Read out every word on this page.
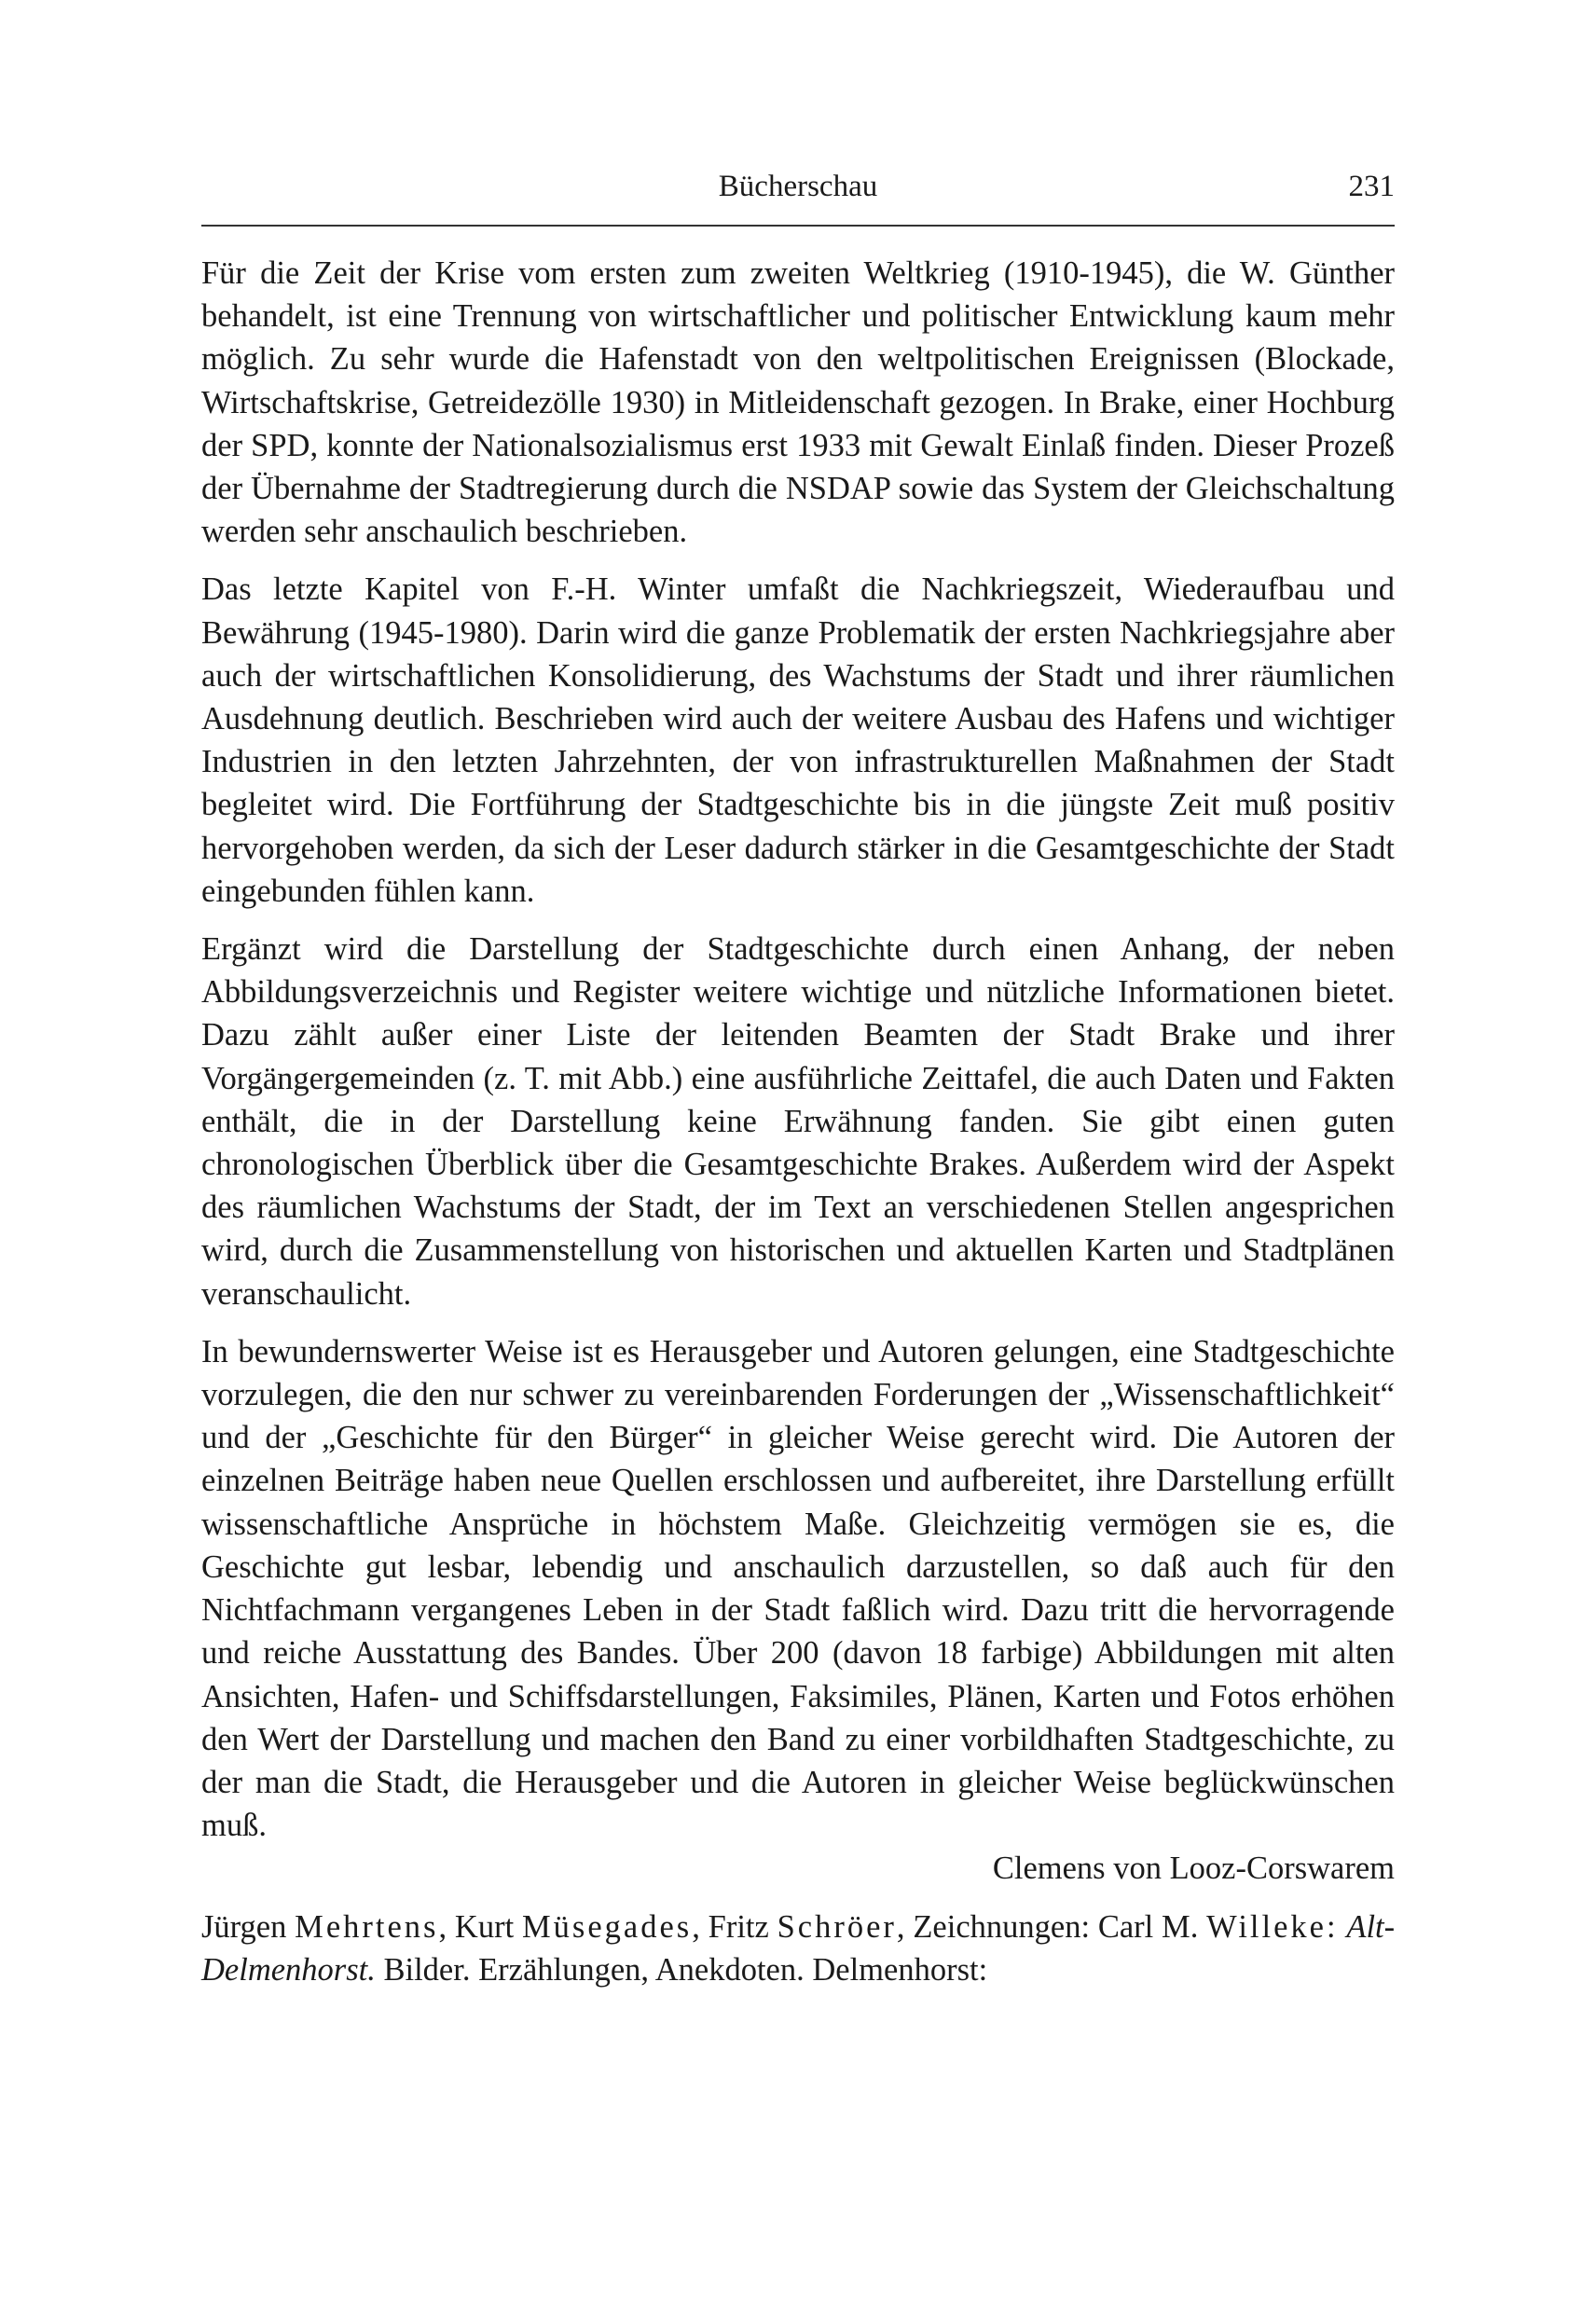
Bücherschau	231

Für die Zeit der Krise vom ersten zum zweiten Weltkrieg (1910-1945), die W. Günther behandelt, ist eine Trennung von wirtschaftlicher und politischer Entwicklung kaum mehr möglich. Zu sehr wurde die Hafenstadt von den weltpolitischen Ereignissen (Blockade, Wirtschaftskrise, Getreidezölle 1930) in Mitleidenschaft gezogen. In Brake, einer Hochburg der SPD, konnte der Nationalsozialismus erst 1933 mit Gewalt Einlaß finden. Dieser Prozeß der Übernahme der Stadtregierung durch die NSDAP sowie das System der Gleichschaltung werden sehr anschaulich beschrieben.

Das letzte Kapitel von F.-H. Winter umfaßt die Nachkriegszeit, Wiederaufbau und Bewährung (1945-1980). Darin wird die ganze Problematik der ersten Nachkriegsjahre aber auch der wirtschaftlichen Konsolidierung, des Wachstums der Stadt und ihrer räumlichen Ausdehnung deutlich. Beschrieben wird auch der weitere Ausbau des Hafens und wichtiger Industrien in den letzten Jahrzehnten, der von infrastrukturellen Maßnahmen der Stadt begleitet wird. Die Fortführung der Stadtgeschichte bis in die jüngste Zeit muß positiv hervorgehoben werden, da sich der Leser dadurch stärker in die Gesamtgeschichte der Stadt eingebunden fühlen kann.

Ergänzt wird die Darstellung der Stadtgeschichte durch einen Anhang, der neben Abbildungsverzeichnis und Register weitere wichtige und nützliche Informationen bietet. Dazu zählt außer einer Liste der leitenden Beamten der Stadt Brake und ihrer Vorgängergemeinden (z. T. mit Abb.) eine ausführliche Zeittafel, die auch Daten und Fakten enthält, die in der Darstellung keine Erwähnung fanden. Sie gibt einen guten chronologischen Überblick über die Gesamtgeschichte Brakes. Außerdem wird der Aspekt des räumlichen Wachstums der Stadt, der im Text an verschiedenen Stellen angesprichen wird, durch die Zusammenstellung von historischen und aktuellen Karten und Stadtplänen veranschaulicht.

In bewundernswerter Weise ist es Herausgeber und Autoren gelungen, eine Stadtgeschichte vorzulegen, die den nur schwer zu vereinbarenden Forderungen der „Wissenschaftlichkeit“ und der „Geschichte für den Bürger“ in gleicher Weise gerecht wird. Die Autoren der einzelnen Beiträge haben neue Quellen erschlossen und aufbereitet, ihre Darstellung erfüllt wissenschaftliche Ansprüche in höchstem Maße. Gleichzeitig vermögen sie es, die Geschichte gut lesbar, lebendig und anschaulich darzustellen, so daß auch für den Nichtfachmann vergangenes Leben in der Stadt faßlich wird. Dazu tritt die hervorragende und reiche Ausstattung des Bandes. Über 200 (davon 18 farbige) Abbildungen mit alten Ansichten, Hafen- und Schiffsdarstellungen, Faksimiles, Plänen, Karten und Fotos erhöhen den Wert der Darstellung und machen den Band zu einer vorbildhaften Stadtgeschichte, zu der man die Stadt, die Herausgeber und die Autoren in gleicher Weise beglückwünschen muß.

Clemens von Looz-Corswarem

Jürgen Mehrtens, Kurt Müsegades, Fritz Schröer, Zeichnungen: Carl M. Willeke: Alt-Delmenhorst. Bilder. Erzählungen, Anekdoten. Delmenhorst:
